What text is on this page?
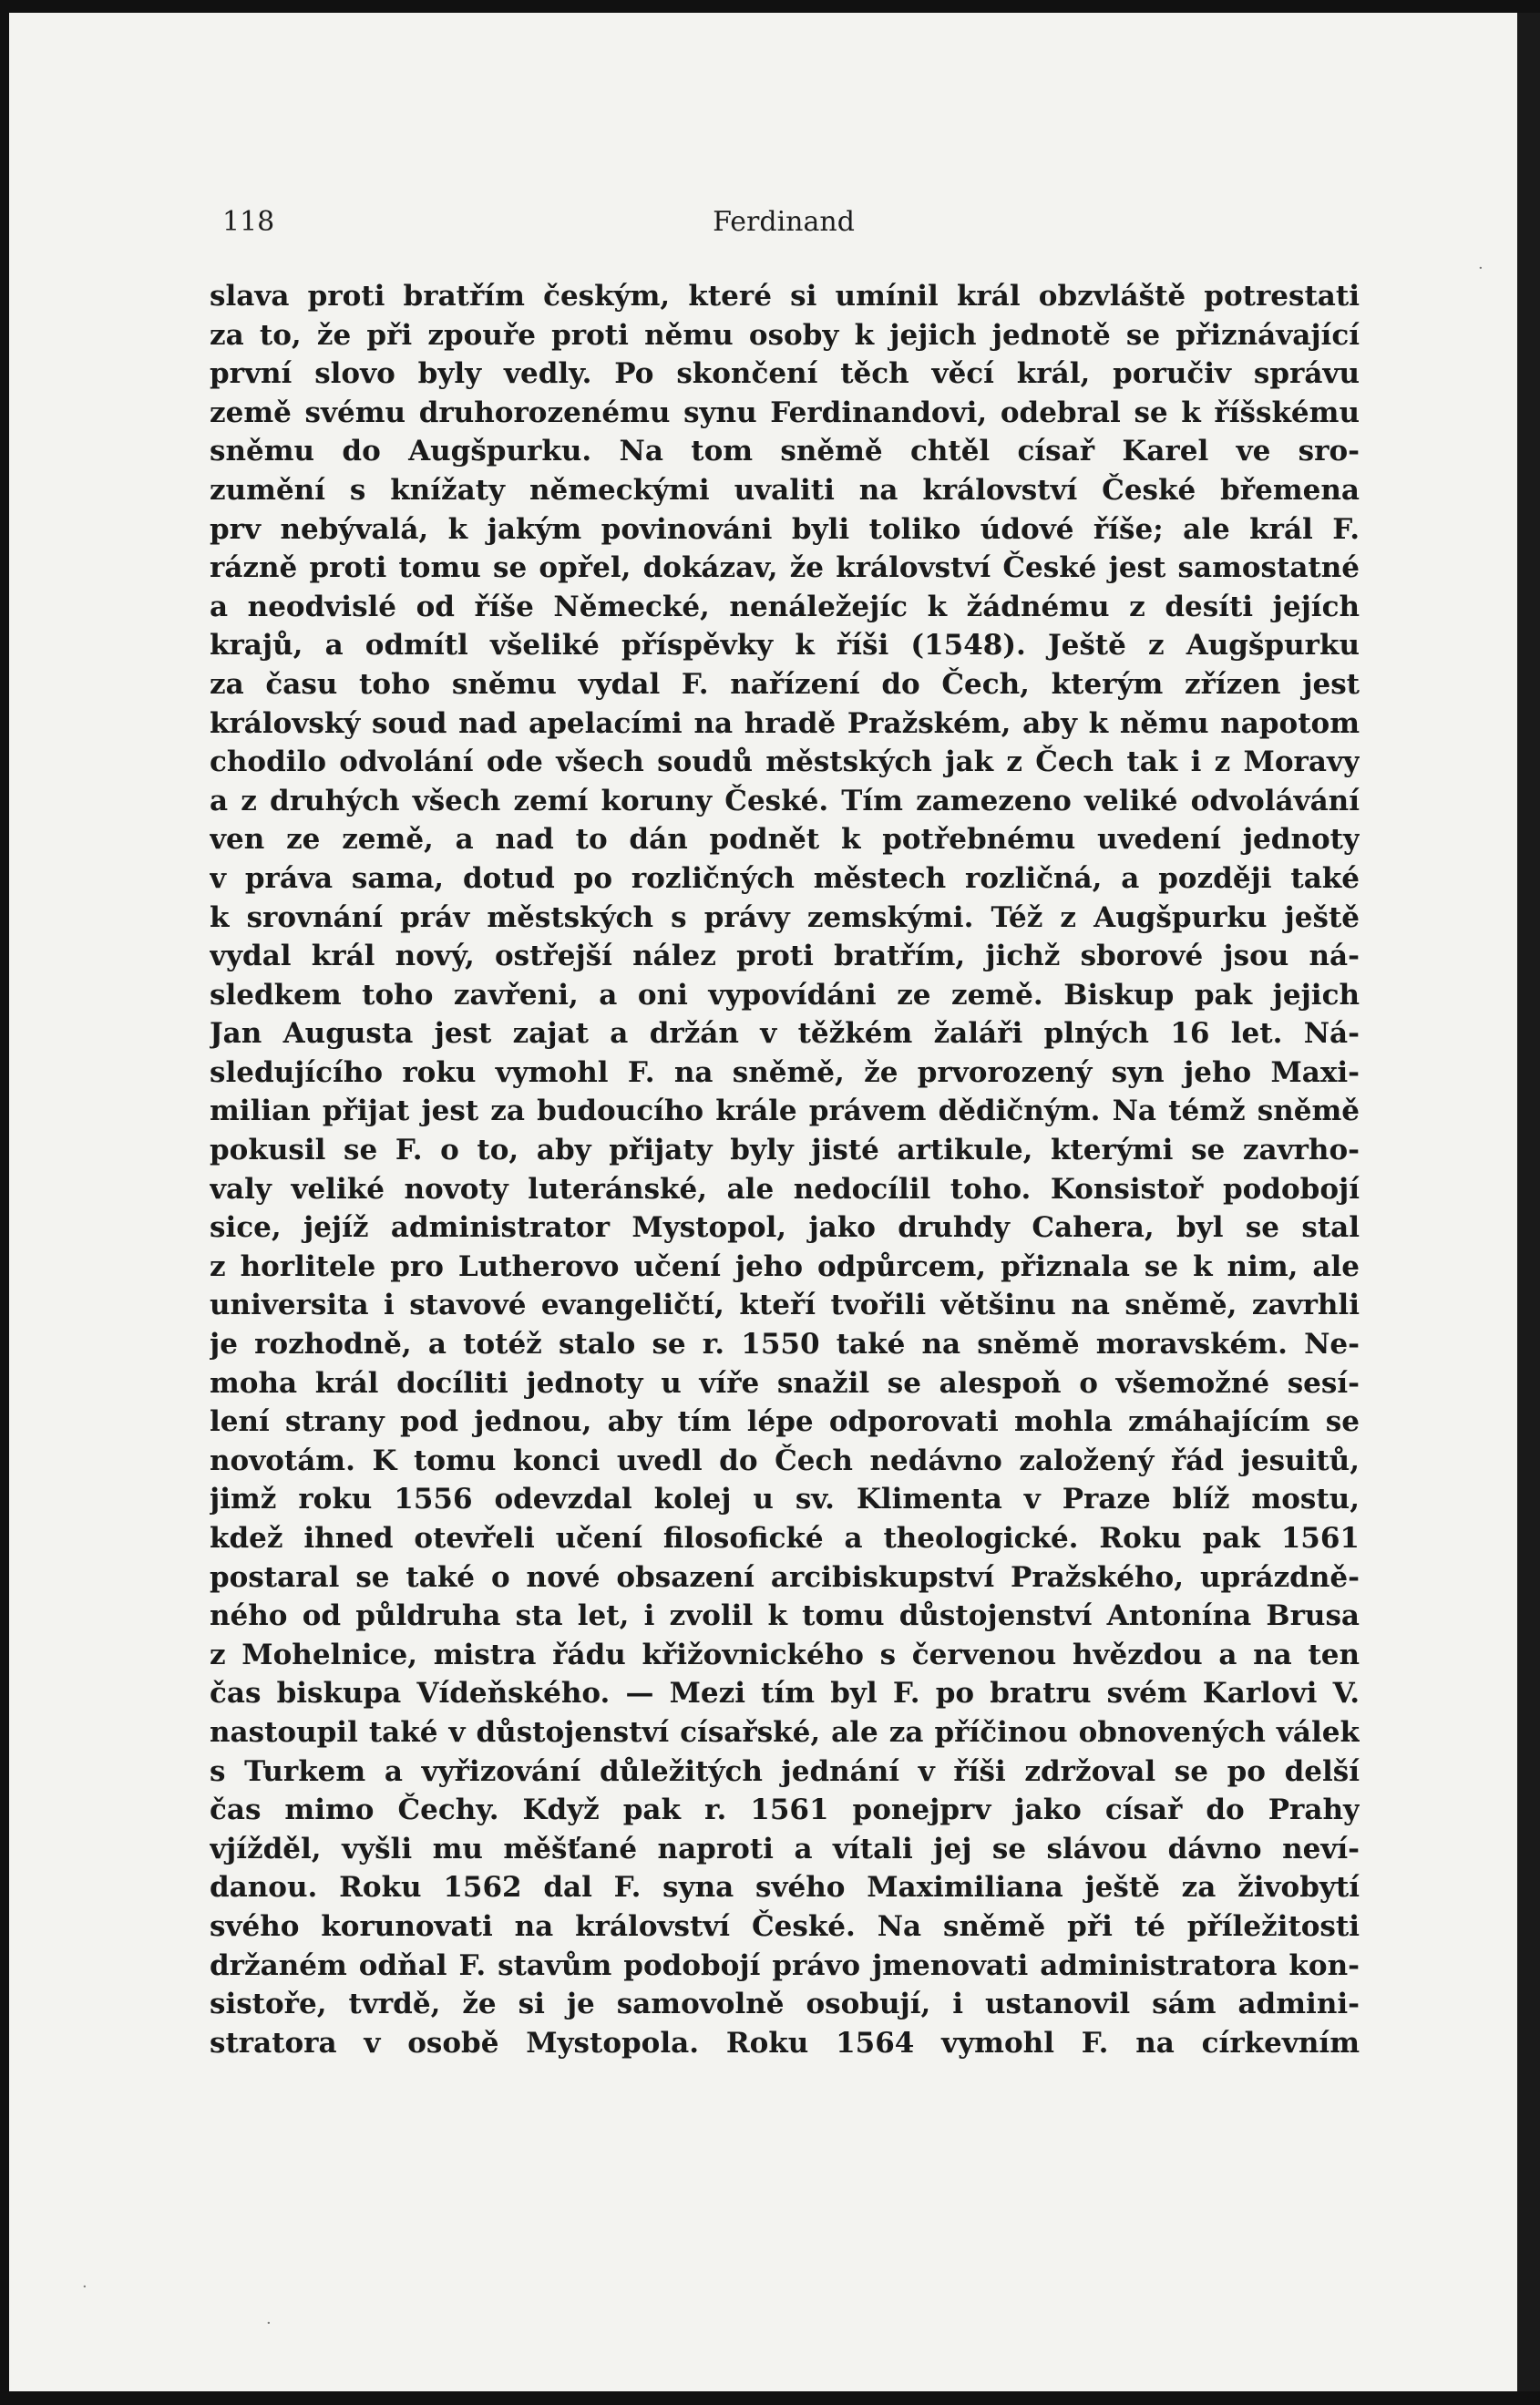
118	Ferdinand
slava proti bratřím českým, které si umínil král obzvláště potrestati
za to, že při zpouře proti němu osoby k jejich jednotě se přiznávající
první slovo byly vedly. Po skončení těch věcí král, poručiv správu
země svému druhorozenému synu Ferdinandovi, odebral se k říšskému
sněmu do Augšpurku. Na tom sněmě chtěl císař Karel ve sro-
zumění s knížaty německými uvaliti na království České břemena
prv nebývalá, k jakým povinováni byli toliko údové říše; ale král F.
rázně proti tomu se opřel, dokázav, že království České jest samostatné
a neodvislé od říše Německé, nenáležejíc k žádnému z desíti jejích
krajů, a odmítl všeliké příspěvky k říši (1548). Ještě z Augšpurku
za času toho sněmu vydal F. nařízení do Čech, kterým zřízen jest
královský soud nad apelacími na hradě Pražském, aby k němu napotom
chodilo odvolání ode všech soudů městských jak z Čech tak i z Moravy
a z druhých všech zemí koruny České. Tím zamezeno veliké odvolávání
ven ze země, a nad to dán podnět k potřebnému uvedení jednoty
v práva sama, dotud po rozličných městech rozličná, a později také
k srovnání práv městských s právy zemskými. Též z Augšpurku ještě
vydal král nový, ostřejší nález proti bratřím, jichž sborové jsou ná-
sledkem toho zavřeni, a oni vypovídáni ze země. Biskup pak jejich
Jan Augusta jest zajat a držán v těžkém žaláři plných 16 let. Ná-
sledujícího roku vymohl F. na sněmě, že prvorozený syn jeho Maxi-
milian přijat jest za budoucího krále právem dědičným. Na témž sněmě
pokusil se F. o to, aby přijaty byly jisté artikule, kterými se zavrho-
valy veliké novoty luteránské, ale nedocílil toho. Konsistoř podobojí
sice, jejíž administrator Mystopol, jako druhdy Cahera, byl se stal
z horlitele pro Lutherovo učení jeho odpůrcem, přiznala se k nim, ale
universita i stavové evangeličtí, kteří tvořili většinu na sněmě, zavrhli
je rozhodně, a totéž stalo se r. 1550 také na sněmě moravském. Ne-
moha král docíliti jednoty u víře snažil se alespoň o všemožné sesí-
lení strany pod jednou, aby tím lépe odporovati mohla zmáhajícím se
novotám. K tomu konci uvedl do Čech nedávno založený řád jesuitů,
jimž roku 1556 odevzdal kolej u sv. Klimenta v Praze blíž mostu,
kdež ihned otevřeli učení filosofické a theologické. Roku pak 1561
postaral se také o nové obsazení arcibiskupství Pražského, uprázdně-
ného od půldruha sta let, i zvolil k tomu důstojenství Antonína Brusa
z Mohelnice, mistra řádu křižovnického s červenou hvězdou a na ten
čas biskupa Vídeňského. — Mezi tím byl F. po bratru svém Karlovi V.
nastoupil také v důstojenství císařské, ale za příčinou obnovených válek
s Turkem a vyřizování důležitých jednání v říši zdržoval se po delší
čas mimo Čechy. Když pak r. 1561 ponejprv jako císař do Prahy
vjížděl, vyšli mu měšťané naproti a vítali jej se slávou dávno neví-
danou. Roku 1562 dal F. syna svého Maximiliana ještě za živobytí
svého korunovati na království České. Na sněmě při té příležitosti
držaném odňal F. stavům podobojí právo jmenovati administratora kon-
sistoře, tvrdě, že si je samovolně osobují, i ustanovil sám admini-
stratora v osobě Mystopola. Roku 1564 vymohl F. na církevním
·
·
·
